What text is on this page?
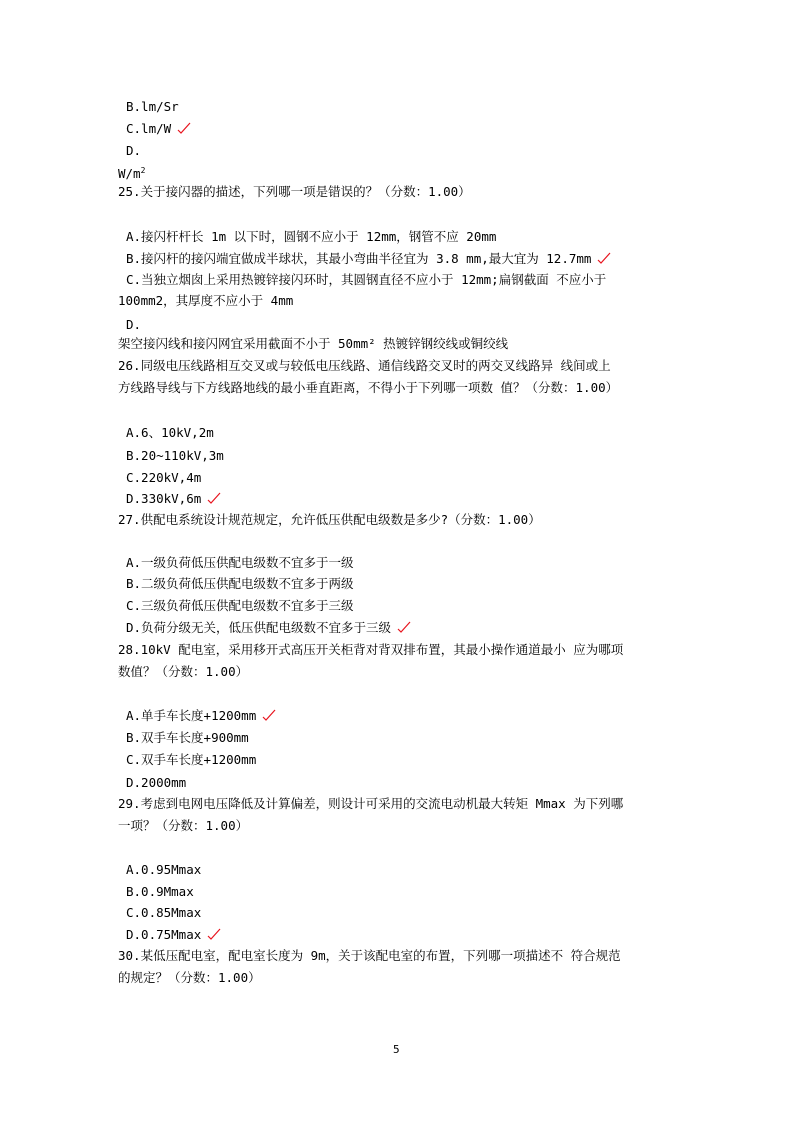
B.lm/Sr
C.lm/W
D.
$W/m^2$
25.关于接闪器的描述，下列哪一项是错误的？（分数：1.00）
A.接闪杆杆长 1m 以下时，圆钢不应小于 12mm，钢管不应 20mm
B.接闪杆的接闪端宜做成半球状，其最小弯曲半径宜为 3.8 mm,最大宜为 12.7mm
C.当独立烟囱上采用热镀锌接闪环时，其圆钢直径不应小于 12mm;扁钢截面 不应小于
100mm2，其厚度不应小于 4mm
D.
架空接闪线和接闪网宜采用截面不小于 50mm² 热镀锌钢绞线或铜绞线
26.同级电压线路相互交叉或与较低电压线路、通信线路交叉时的两交叉线路异 线间或上
方线路导线与下方线路地线的最小垂直距离，不得小于下列哪一项数 值？（分数：1.00）
A.6、10kV,2m
B.20~110kV,3m
C.220kV,4m
D.330kV,6m
27.供配电系统设计规范规定，允许低压供配电级数是多少?（分数：1.00）
A.一级负荷低压供配电级数不宜多于一级
B.二级负荷低压供配电级数不宜多于两级
C.三级负荷低压供配电级数不宜多于三级
D.负荷分级无关，低压供配电级数不宜多于三级
28.10kV 配电室，采用移开式高压开关柜背对背双排布置，其最小操作通道最小 应为哪项
数值？（分数：1.00）
A.单手车长度+1200mm
B.双手车长度+900mm
C.双手车长度+1200mm
D.2000mm
29.考虑到电网电压降低及计算偏差，则设计可采用的交流电动机最大转矩 Mmax 为下列哪
一项？（分数：1.00）
A.0.95Mmax
B.0.9Mmax
C.0.85Mmax
D.0.75Mmax
30.某低压配电室，配电室长度为 9m，关于该配电室的布置，下列哪一项描述不 符合规范
的规定？（分数：1.00）
5
